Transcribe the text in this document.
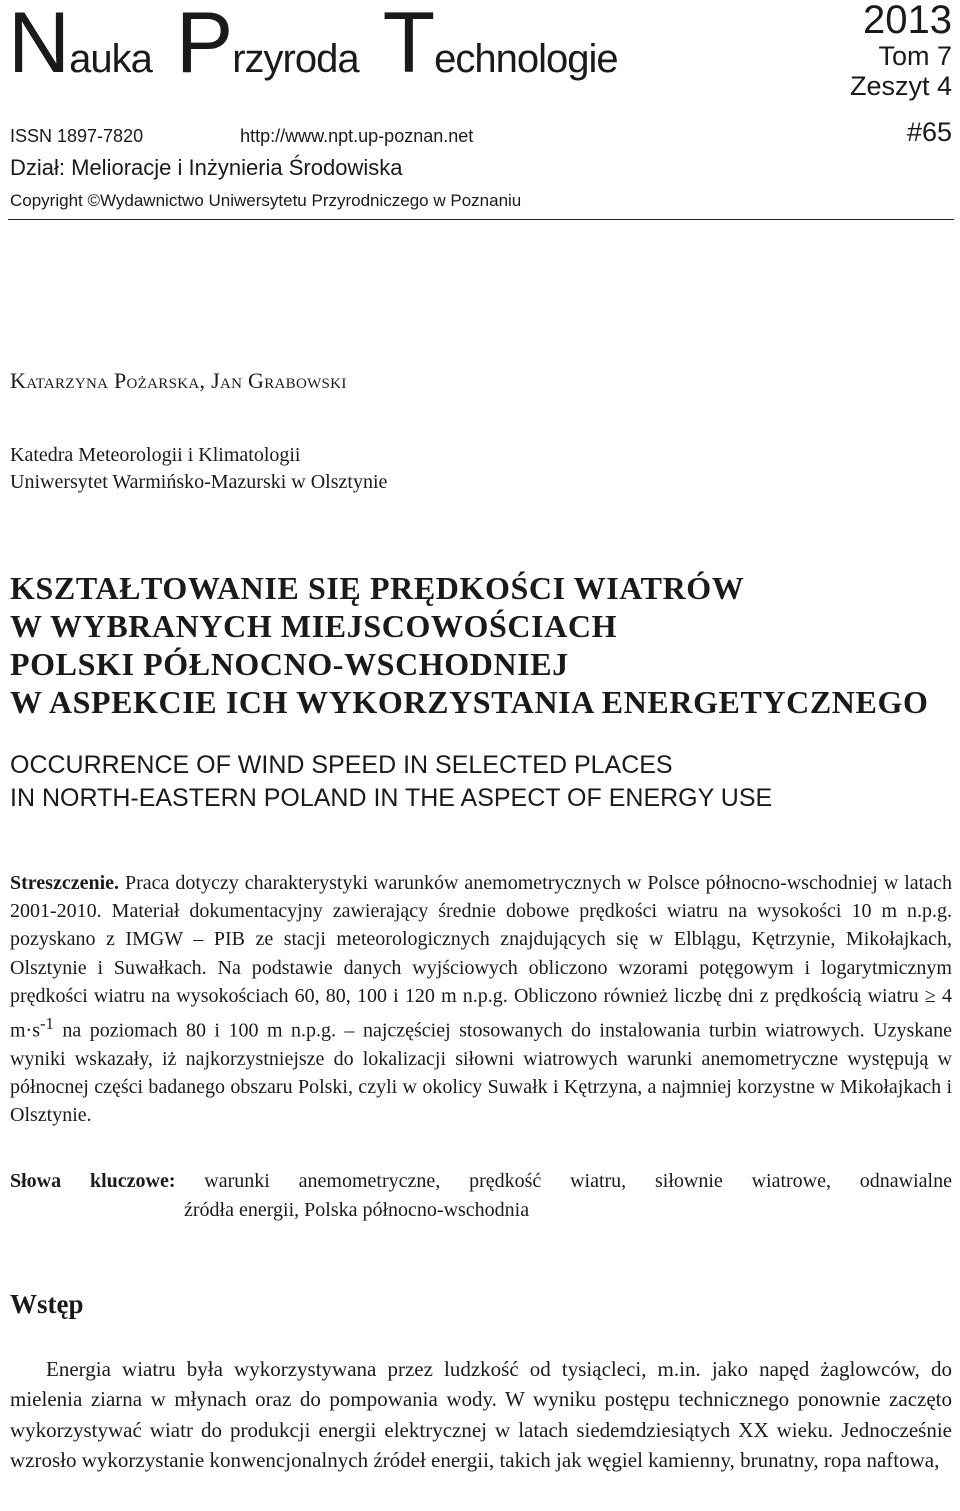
Nauka Przyroda Technologie
2013
Tom 7
Zeszyt 4
ISSN 1897-7820	http://www.npt.up-poznan.net	#65
Dział: Melioracje i Inżynieria Środowiska
Copyright ©Wydawnictwo Uniwersytetu Przyrodniczego w Poznaniu
Katarzyna Pożarska, Jan Grabowski
Katedra Meteorologii i Klimatologii
Uniwersytet Warmińsko-Mazurski w Olsztynie
KSZTAŁTOWANIE SIĘ PRĘDKOŚCI WIATRÓW
W WYBRANYCH MIEJSCOWOŚCIACH
POLSKI PÓŁNOCNO-WSCHODNIEJ
W ASPEKCIE ICH WYKORZYSTANIA ENERGETYCZNEGO
OCCURRENCE OF WIND SPEED IN SELECTED PLACES
IN NORTH-EASTERN POLAND IN THE ASPECT OF ENERGY USE
Streszczenie. Praca dotyczy charakterystyki warunków anemometrycznych w Polsce północno-wschodniej w latach 2001-2010. Materiał dokumentacyjny zawierający średnie dobowe prędkości wiatru na wysokości 10 m n.p.g. pozyskano z IMGW – PIB ze stacji meteorologicznych znajdujących się w Elblągu, Kętrzynie, Mikołajkach, Olsztynie i Suwałkach. Na podstawie danych wyjściowych obliczono wzorami potęgowym i logarytmicznym prędkości wiatru na wysokościach 60, 80, 100 i 120 m n.p.g. Obliczono również liczbę dni z prędkością wiatru ≥ 4 $m\cdot s^{-1}$ na poziomach 80 i 100 m n.p.g. – najczęściej stosowanych do instalowania turbin wiatrowych. Uzyskane wyniki wskazały, iż najkorzystniejsze do lokalizacji siłowni wiatrowych warunki anemometryczne występują w północnej części badanego obszaru Polski, czyli w okolicy Suwałk i Kętrzyna, a najmniej korzystne w Mikołajkach i Olsztynie.
Słowa kluczowe: warunki anemometryczne, prędkość wiatru, siłownie wiatrowe, odnawialne
źródła energii, Polska północno-wschodnia
Wstęp
Energia wiatru była wykorzystywana przez ludzkość od tysiącleci, m.in. jako napęd żaglowców, do mielenia ziarna w młynach oraz do pompowania wody. W wyniku postępu technicznego ponownie zaczęto wykorzystywać wiatr do produkcji energii elektrycznej w latach siedemdziesiątych XX wieku. Jednocześnie wzrosło wykorzystanie konwencjonalnych źródeł energii, takich jak węgiel kamienny, brunatny, ropa naftowa,
